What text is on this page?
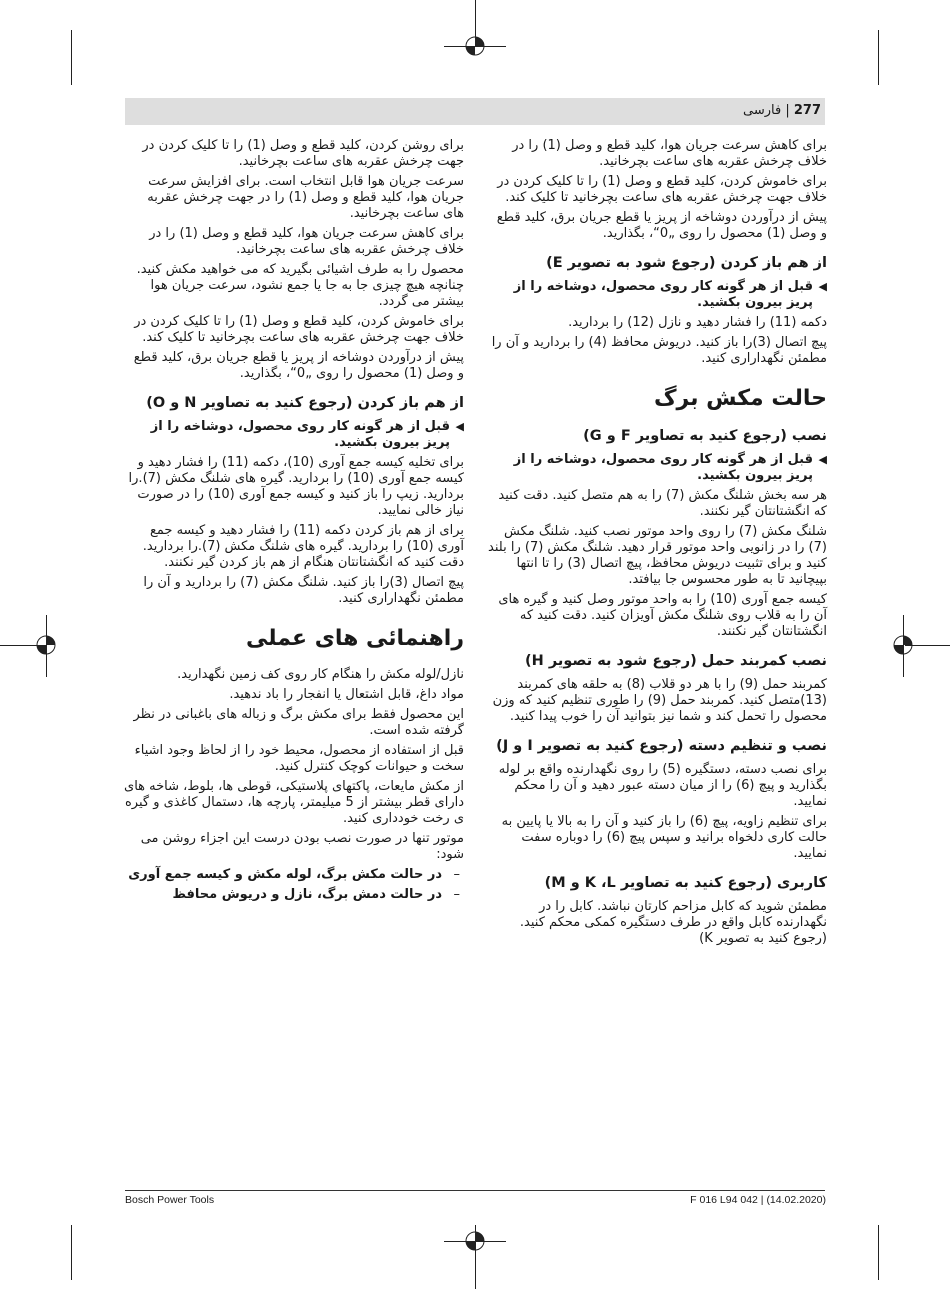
277 | فارسی

برای کاهش سرعت جریان هوا، کلید قطع و وصل (1) را در خلاف چرخش عقربه های ساعت بچرخانید.

برای خاموش کردن، کلید قطع و وصل (1) را تا کلیک کردن در خلاف جهت چرخش عقربه های ساعت بچرخانید تا کلیک کند.

پیش از درآوردن دوشاخه از پریز یا قطع جریان برق، کلید قطع و وصل (1) محصول را روی „0“، بگذارید.

از هم باز کردن (رجوع شود به تصویر E)
◀
قبل از هر گونه کار روی محصول، دوشاخه را از پریز بیرون بکشید.

دکمه (11) را فشار دهید و نازل (12) را بردارید.

پیچ اتصال (3)را باز کنید. دریوش محافظ (4) را بردارید و آن را مطمئن نگهداراری کنید.

حالت مکش برگ
نصب (رجوع کنید به تصاویر F و G)
◀
قبل از هر گونه کار روی محصول، دوشاخه را از پریز بیرون بکشید.

هر سه بخش شلنگ مکش (7) را به هم متصل کنید. دقت کنید که انگشتانتان گیر نکنند.

شلنگ مکش (7) را روی واحد موتور نصب کنید. شلنگ مکش (7) را در زانویی واحد موتور قرار دهید. شلنگ مکش (7) را بلند کنید و برای تثبیت دریوش محافظ، پیچ اتصال (3) را تا انتها بپیچانید تا به طور محسوس جا بیافتد.

کیسه جمع آوری (10) را به واحد موتور وصل کنید و گیره های آن را به قلاب روی شلنگ مکش آویزان کنید. دقت کنید که انگشتانتان گیر نکنند.

نصب کمربند حمل (رجوع شود به تصویر H)

کمربند حمل (9) را با هر دو قلاب (8) به حلقه های کمربند (13)متصل کنید. کمربند حمل (9) را طوری تنظیم کنید که وزن محصول را تحمل کند و شما نیز بتوانید آن را خوب پیدا کنید.

نصب و تنظیم دسته (رجوع کنید به تصویر I و J)

برای نصب دسته، دستگیره (5) را روی نگهدارنده واقع بر لوله بگذارید و پیچ (6) را از میان دسته عبور دهید و آن را محکم نمایید.

برای تنظیم زاویه، پیچ (6) را باز کنید و آن را به بالا یا پایین به حالت کاری دلخواه برانید و سپس پیچ (6) را دوباره سفت نمایید.

کاربری (رجوع کنید به تصاویر K ،L و M)

مطمئن شوید که کابل مزاحم کارتان نباشد. کابل را در نگهدارنده کابل واقع در طرف دستگیره کمکی محکم کنید. (رجوع کنید به تصویر K)

برای روشن کردن، کلید قطع و وصل (1) را تا کلیک کردن در جهت چرخش عقربه های ساعت بچرخانید.

سرعت جریان هوا قابل انتخاب است. برای افزایش سرعت جریان هوا، کلید قطع و وصل (1) را در جهت چرخش عقربه های ساعت بچرخانید.

برای کاهش سرعت جریان هوا، کلید قطع و وصل (1) را در خلاف چرخش عقربه های ساعت بچرخانید.

محصول را به طرف اشیائی بگیرید که می خواهید مکش کنید. چنانچه هیچ چیزی جا به جا یا جمع نشود، سرعت جریان هوا بیشتر می گردد.

برای خاموش کردن، کلید قطع و وصل (1) را تا کلیک کردن در خلاف جهت چرخش عقربه های ساعت بچرخانید تا کلیک کند.

پیش از درآوردن دوشاخه از پریز یا قطع جریان برق، کلید قطع و وصل (1) محصول را روی „0“، بگذارید.

از هم باز کردن (رجوع کنید به تصاویر N و O)
◀
قبل از هر گونه کار روی محصول، دوشاخه را از پریز بیرون بکشید.

برای تخلیه کیسه جمع آوری (10)، دکمه (11) را فشار دهید و کیسه جمع آوری (10) را بردارید. گیره های شلنگ مکش (7).را بردارید. زیپ را باز کنید و کیسه جمع آوری (10) را در صورت نیاز خالی نمایید.

برای از هم باز کردن دکمه (11) را فشار دهید و کیسه جمع آوری (10) را بردارید. گیره های شلنگ مکش (7).را بردارید. دقت کنید که انگشتانتان هنگام از هم باز کردن گیر نکنند.

پیچ اتصال (3)را باز کنید. شلنگ مکش (7) را بردارید و آن را مطمئن نگهداراری کنید.

راهنمائی های عملی

نازل/لوله مکش را هنگام کار روی کف زمین نگهدارید.

مواد داغ، قابل اشتعال یا انفجار را باد ندهید.

این محصول فقط برای مکش برگ و زباله های باغبانی در نظر گرفته شده است.

قبل از استفاده از محصول، محیط خود را از لحاظ وجود اشیاء سخت و حیوانات کوچک کنترل کنید.

از مکش مایعات، پاکتهای پلاستیکی، قوطی ها، بلوط، شاخه های دارای قطر بیشتر از 5 میلیمتر، پارچه ها، دستمال کاغذی و گیره ی رخت خودداری کنید.

موتور تنها در صورت نصب بودن درست این اجزاء روشن می شود:

–
در حالت مکش برگ، لوله مکش و کیسه جمع آوری
–
در حالت دمش برگ، نازل و دریوش محافظ
Bosch Power Tools	F 016 L94 042 | (14.02.2020)
